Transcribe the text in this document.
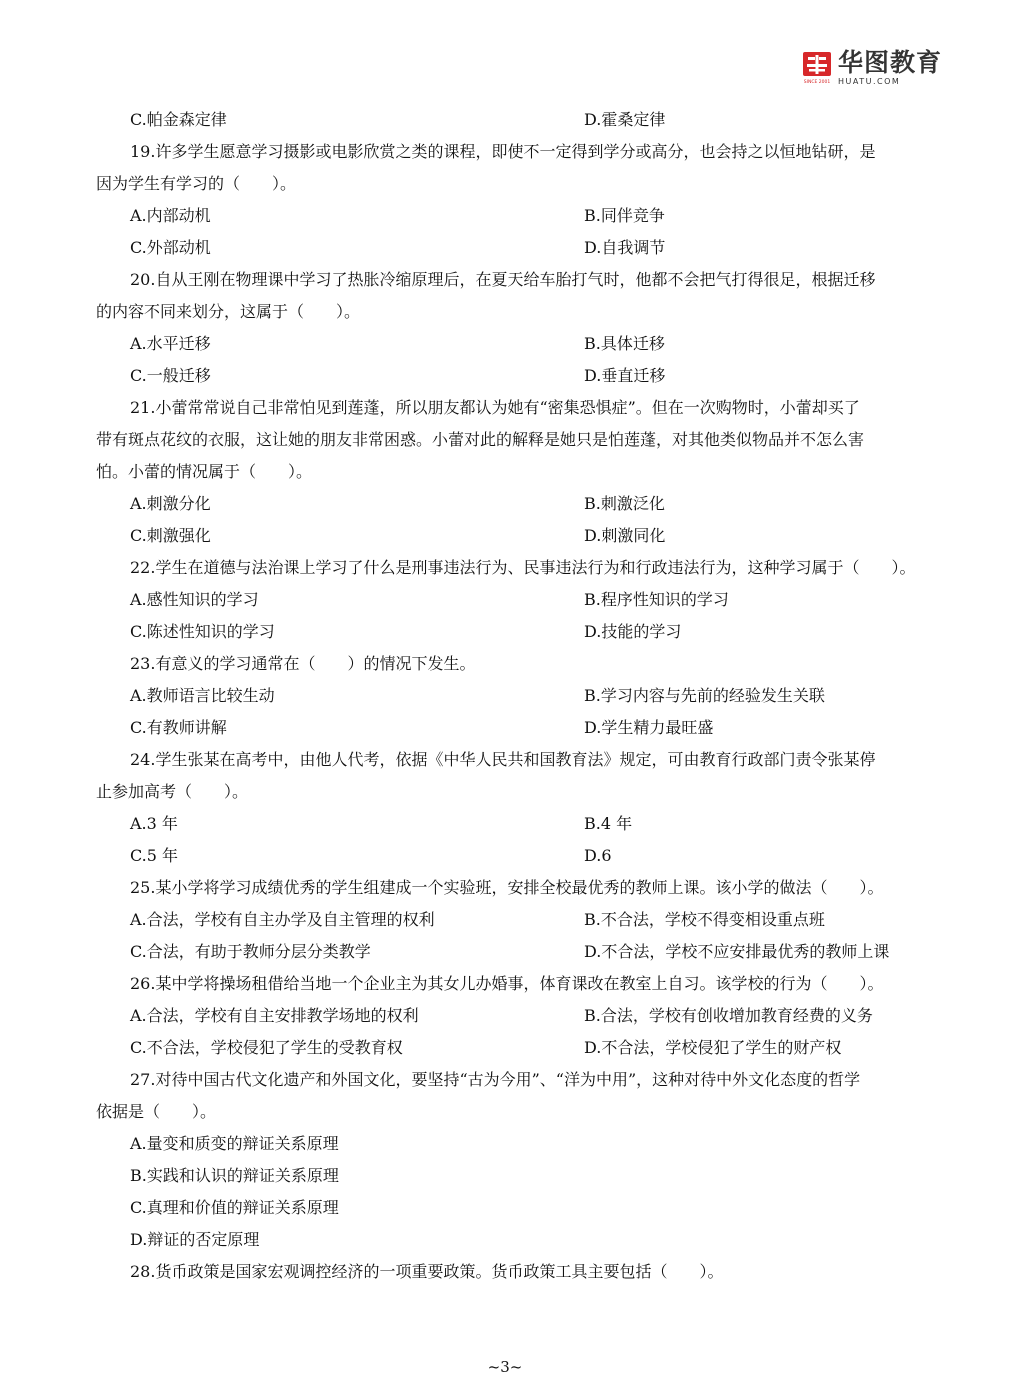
SINCE 2001
华图教育
HUATU.COM
C.帕金森定律	D.霍桑定律
19.许多学生愿意学习摄影或电影欣赏之类的课程，即使不一定得到学分或高分，也会持之以恒地钻研，是
因为学生有学习的（　　）。
A.内部动机	B.同伴竞争
C.外部动机	D.自我调节
20.自从王刚在物理课中学习了热胀冷缩原理后，在夏天给车胎打气时，他都不会把气打得很足，根据迁移
的内容不同来划分，这属于（　　）。
A.水平迁移	B.具体迁移
C.一般迁移	D.垂直迁移
21.小蕾常常说自己非常怕见到莲蓬，所以朋友都认为她有“密集恐惧症”。但在一次购物时，小蕾却买了
带有斑点花纹的衣服，这让她的朋友非常困惑。小蕾对此的解释是她只是怕莲蓬，对其他类似物品并不怎么害
怕。小蕾的情况属于（　　）。
A.刺激分化	B.刺激泛化
C.刺激强化	D.刺激同化
22.学生在道德与法治课上学习了什么是刑事违法行为、民事违法行为和行政违法行为，这种学习属于（　　）。
A.感性知识的学习	B.程序性知识的学习
C.陈述性知识的学习	D.技能的学习
23.有意义的学习通常在（　　）的情况下发生。
A.教师语言比较生动	B.学习内容与先前的经验发生关联
C.有教师讲解	D.学生精力最旺盛
24.学生张某在高考中，由他人代考，依据《中华人民共和国教育法》规定，可由教育行政部门责令张某停
止参加高考（　　）。
A.3 年	B.4 年
C.5 年	D.6
25.某小学将学习成绩优秀的学生组建成一个实验班，安排全校最优秀的教师上课。该小学的做法（　　）。
A.合法，学校有自主办学及自主管理的权利	B.不合法，学校不得变相设重点班
C.合法，有助于教师分层分类教学	D.不合法，学校不应安排最优秀的教师上课
26.某中学将操场租借给当地一个企业主为其女儿办婚事，体育课改在教室上自习。该学校的行为（　　）。
A.合法，学校有自主安排教学场地的权利	B.合法，学校有创收增加教育经费的义务
C.不合法，学校侵犯了学生的受教育权	D.不合法，学校侵犯了学生的财产权
27.对待中国古代文化遗产和外国文化，要坚持“古为今用”、“洋为中用”，这种对待中外文化态度的哲学
依据是（　　）。
A.量变和质变的辩证关系原理
B.实践和认识的辩证关系原理
C.真理和价值的辩证关系原理
D.辩证的否定原理
28.货币政策是国家宏观调控经济的一项重要政策。货币政策工具主要包括（　　）。
~3~
